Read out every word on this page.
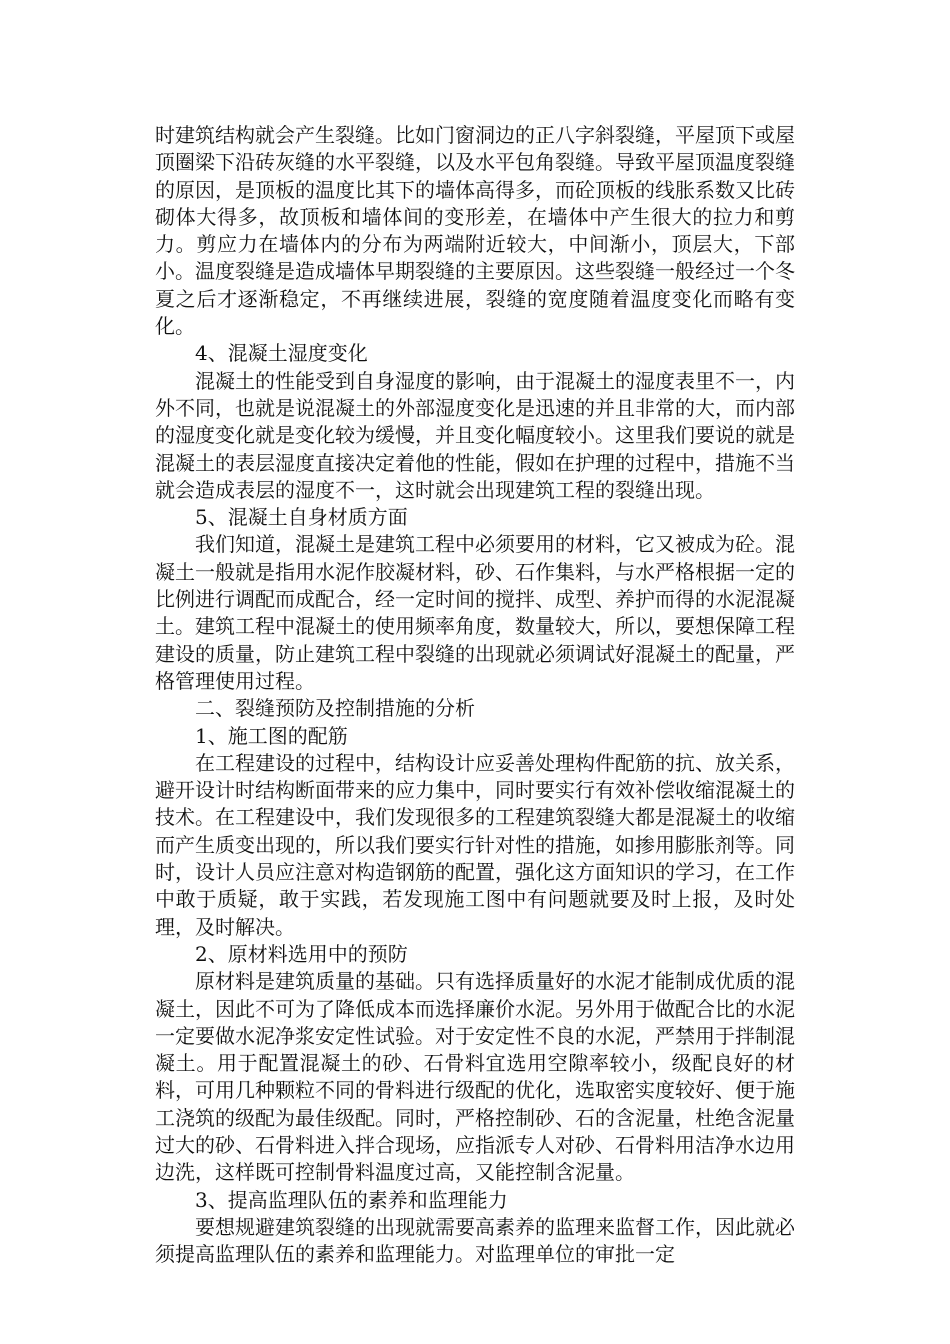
时建筑结构就会产生裂缝。比如门窗洞边的正八字斜裂缝，平屋顶下或屋顶圈梁下沿砖灰缝的水平裂缝，以及水平包角裂缝。导致平屋顶温度裂缝的原因，是顶板的温度比其下的墙体高得多，而砼顶板的线胀系数又比砖砌体大得多，故顶板和墙体间的变形差，在墙体中产生很大的拉力和剪力。剪应力在墙体内的分布为两端附近较大，中间渐小，顶层大，下部小。温度裂缝是造成墙体早期裂缝的主要原因。这些裂缝一般经过一个冬夏之后才逐渐稳定，不再继续进展，裂缝的宽度随着温度变化而略有变化。

4、混凝土湿度变化

混凝土的性能受到自身湿度的影响，由于混凝土的湿度表里不一，内外不同，也就是说混凝土的外部湿度变化是迅速的并且非常的大，而内部的湿度变化就是变化较为缓慢，并且变化幅度较小。这里我们要说的就是混凝土的表层湿度直接决定着他的性能，假如在护理的过程中，措施不当就会造成表层的湿度不一，这时就会出现建筑工程的裂缝出现。

5、混凝土自身材质方面

我们知道，混凝土是建筑工程中必须要用的材料，它又被成为砼。混凝土一般就是指用水泥作胶凝材料，砂、石作集料，与水严格根据一定的比例进行调配而成配合，经一定时间的搅拌、成型、养护而得的水泥混凝土。建筑工程中混凝土的使用频率角度，数量较大，所以，要想保障工程建设的质量，防止建筑工程中裂缝的出现就必须调试好混凝土的配量，严格管理使用过程。

二、裂缝预防及控制措施的分析

1、施工图的配筋

在工程建设的过程中，结构设计应妥善处理构件配筋的抗、放关系，避开设计时结构断面带来的应力集中，同时要实行有效补偿收缩混凝土的技术。在工程建设中，我们发现很多的工程建筑裂缝大都是混凝土的收缩而产生质变出现的，所以我们要实行针对性的措施，如掺用膨胀剂等。同时，设计人员应注意对构造钢筋的配置，强化这方面知识的学习，在工作中敢于质疑，敢于实践，若发现施工图中有问题就要及时上报，及时处理，及时解决。

2、原材料选用中的预防

原材料是建筑质量的基础。只有选择质量好的水泥才能制成优质的混凝土，因此不可为了降低成本而选择廉价水泥。另外用于做配合比的水泥一定要做水泥净浆安定性试验。对于安定性不良的水泥，严禁用于拌制混凝土。用于配置混凝土的砂、石骨料宜选用空隙率较小，级配良好的材料，可用几种颗粒不同的骨料进行级配的优化，选取密实度较好、便于施工浇筑的级配为最佳级配。同时，严格控制砂、石的含泥量，杜绝含泥量过大的砂、石骨料进入拌合现场，应指派专人对砂、石骨料用洁净水边用边洗，这样既可控制骨料温度过高，又能控制含泥量。

3、提高监理队伍的素养和监理能力

要想规避建筑裂缝的出现就需要高素养的监理来监督工作，因此就必须提高监理队伍的素养和监理能力。对监理单位的审批一定
